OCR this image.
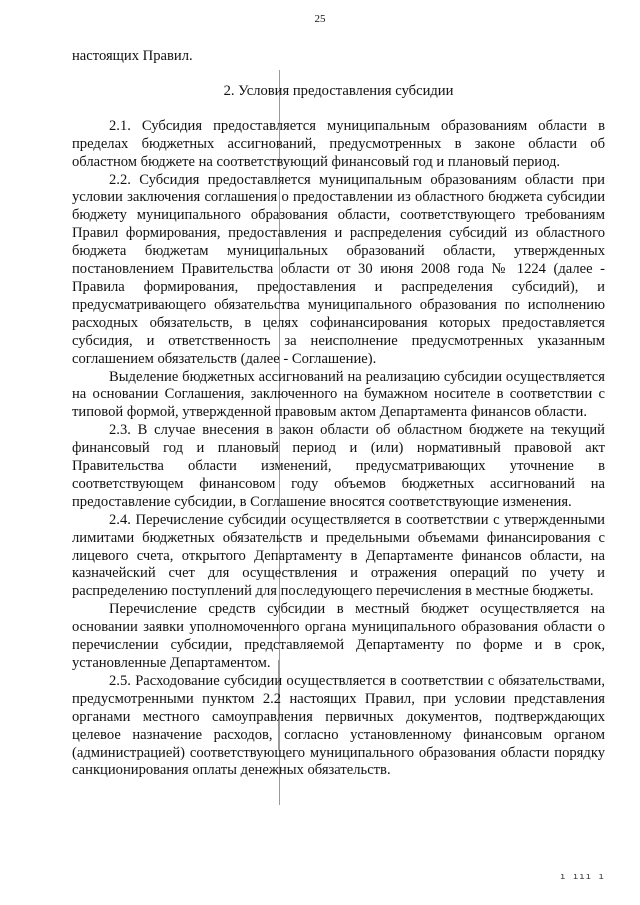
25

настоящих Правил.

2. Условия предоставления субсидии

2.1. Субсидия предоставляется муниципальным образованиям области в пределах бюджетных ассигнований, предусмотренных в законе области об областном бюджете на соответствующий финансовый год и плановый период.

2.2. Субсидия предоставляется муниципальным образованиям области при условии заключения соглашения о предоставлении из областного бюджета субсидии бюджету муниципального образования области, соответствующего требованиям Правил формирования, предоставления и распределения субсидий из областного бюджета бюджетам муниципальных образований области, утвержденных постановлением Правительства области от 30 июня 2008 года № 1224 (далее - Правила формирования, предоставления и распределения субсидий), и предусматривающего обязательства муниципального образования по исполнению расходных обязательств, в целях софинансирования которых предоставляется субсидия, и ответственность за неисполнение предусмотренных указанным соглашением обязательств (далее - Соглашение).

Выделение бюджетных ассигнований на реализацию субсидии осуществляется на основании Соглашения, заключенного на бумажном носителе в соответствии с типовой формой, утвержденной правовым актом Департамента финансов области.

2.3. В случае внесения в закон области об областном бюджете на текущий финансовый год и плановый период и (или) нормативный правовой акт Правительства области изменений, предусматривающих уточнение в соответствующем финансовом году объемов бюджетных ассигнований на предоставление субсидии, в Соглашение вносятся соответствующие изменения.

2.4. Перечисление субсидии осуществляется в соответствии с утвержденными лимитами бюджетных обязательств и предельными объемами финансирования с лицевого счета, открытого Департаменту в Департаменте финансов области, на казначейский счет для осуществления и отражения операций по учету и распределению поступлений для последующего перечисления в местные бюджеты.

Перечисление средств субсидии в местный бюджет осуществляется на основании заявки уполномоченного органа муниципального образования области о перечислении субсидии, представляемой Департаменту по форме и в срок, установленные Департаментом.

2.5. Расходование субсидии осуществляется в соответствии с обязательствами, предусмотренными пунктом 2.2 настоящих Правил, при условии представления органами местного самоуправления первичных документов, подтверждающих целевое назначение расходов, согласно установленному финансовым органом (администрацией) соответствующего муниципального образования области порядку санкционирования оплаты денежных обязательств.

ı ııı ı
